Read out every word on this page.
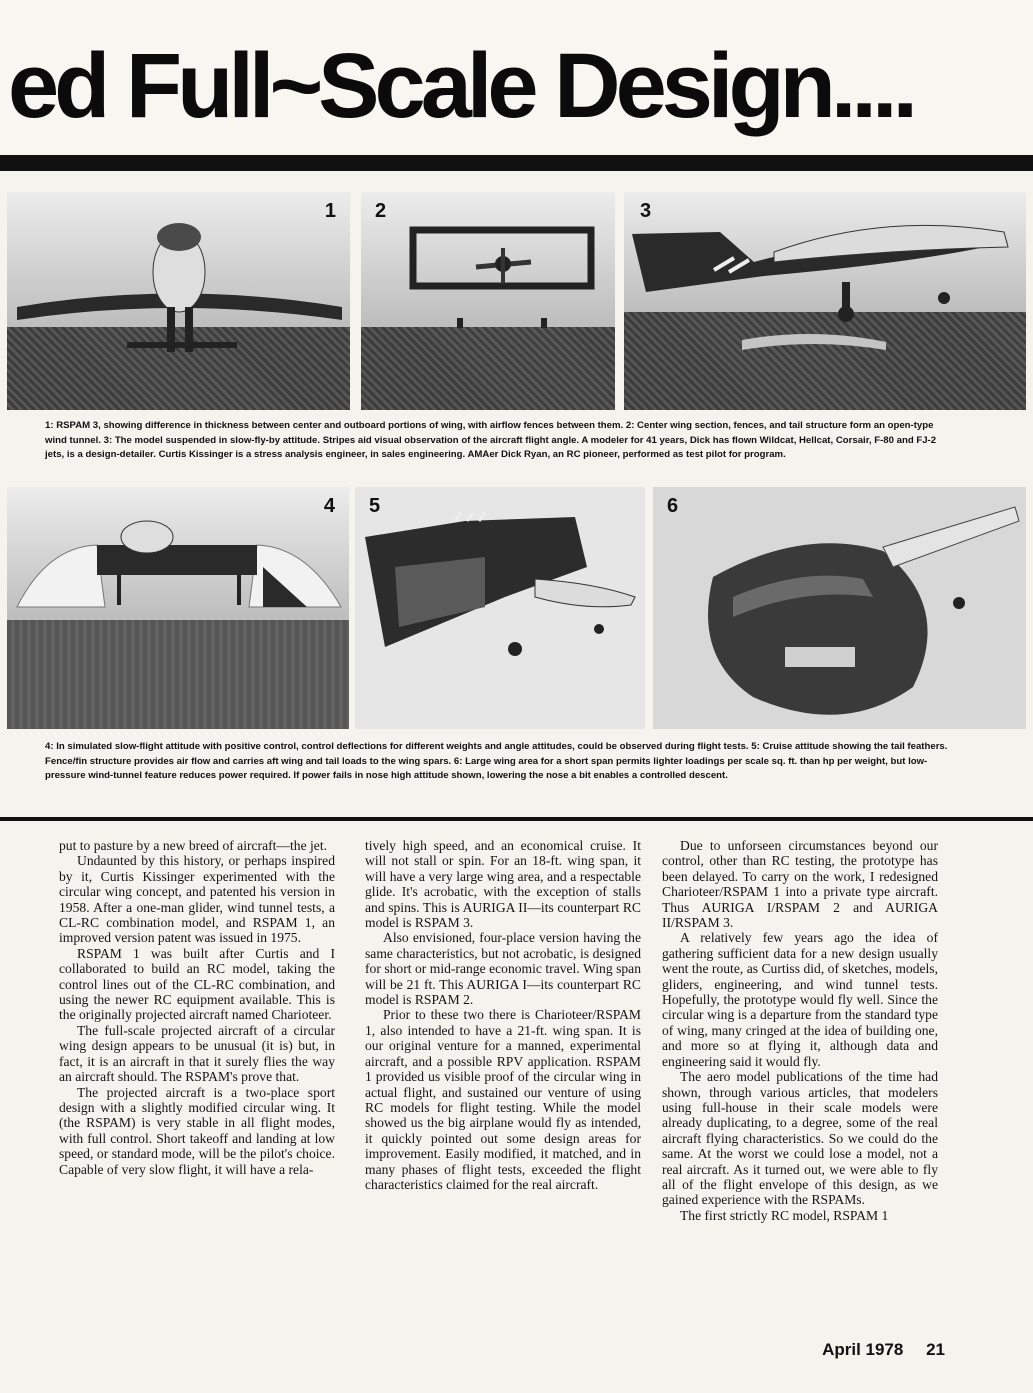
ed Full~Scale Design....
1 2	3
1: RSPAM 3, showing difference in thickness between center and outboard portions of wing, with airflow fences between them. 2: Center wing section, fences, and tail structure form an open-type wind tunnel. 3: The model suspended in slow-fly-by attitude. Stripes aid visual observation of the aircraft flight angle. A modeler for 41 years, Dick has flown Wildcat, Hellcat, Corsair, F-80 and FJ-2 jets, is a design-detailer. Curtis Kissinger is a stress analysis engineer, in sales engineering. AMAer Dick Ryan, an RC pioneer, performed as test pilot for program.
4 5	6
4: In simulated slow-flight attitude with positive control, control deflections for different weights and angle attitudes, could be observed during flight tests. 5: Cruise attitude showing the tail feathers. Fence/fin structure provides air flow and carries aft wing and tail loads to the wing spars. 6: Large wing area for a short span permits lighter loadings per scale sq. ft. than hp per weight, but low-pressure wind-tunnel feature reduces power required. If power fails in nose high attitude shown, lowering the nose a bit enables a controlled descent.

put to pasture by a new breed of aircraft—the jet.

Undaunted by this history, or perhaps inspired by it, Curtis Kissinger experimented with the circular wing concept, and patented his version in 1958. After a one-man glider, wind tunnel tests, a CL-RC combination model, and RSPAM 1, an improved version patent was issued in 1975.

RSPAM 1 was built after Curtis and I collaborated to build an RC model, taking the control lines out of the CL-RC combination, and using the newer RC equipment available. This is the originally projected aircraft named Charioteer.

The full-scale projected aircraft of a circular wing design appears to be unusual (it is) but, in fact, it is an aircraft in that it surely flies the way an aircraft should. The RSPAM's prove that.

The projected aircraft is a two-place sport design with a slightly modified circular wing. It (the RSPAM) is very stable in all flight modes, with full control. Short takeoff and landing at low speed, or standard mode, will be the pilot's choice. Capable of very slow flight, it will have a rela-

tively high speed, and an economical cruise. It will not stall or spin. For an 18-ft. wing span, it will have a very large wing area, and a respectable glide. It's acrobatic, with the exception of stalls and spins. This is AURIGA II—its counterpart RC model is RSPAM 3.

Also envisioned, four-place version having the same characteristics, but not acrobatic, is designed for short or mid-range economic travel. Wing span will be 21 ft. This AURIGA I—its counterpart RC model is RSPAM 2.

Prior to these two there is Charioteer/RSPAM 1, also intended to have a 21-ft. wing span. It is our original venture for a manned, experimental aircraft, and a possible RPV application. RSPAM 1 provided us visible proof of the circular wing in actual flight, and sustained our venture of using RC models for flight testing. While the model showed us the big airplane would fly as intended, it quickly pointed out some design areas for improvement. Easily modified, it matched, and in many phases of flight tests, exceeded the flight characteristics claimed for the real aircraft.

Due to unforseen circumstances beyond our control, other than RC testing, the prototype has been delayed. To carry on the work, I redesigned Charioteer/RSPAM 1 into a private type aircraft. Thus AURIGA I/RSPAM 2 and AURIGA II/RSPAM 3.

A relatively few years ago the idea of gathering sufficient data for a new design usually went the route, as Curtiss did, of sketches, models, gliders, engineering, and wind tunnel tests. Hopefully, the prototype would fly well. Since the circular wing is a departure from the standard type of wing, many cringed at the idea of building one, and more so at flying it, although data and engineering said it would fly.

The aero model publications of the time had shown, through various articles, that modelers using full-house in their scale models were already duplicating, to a degree, some of the real aircraft flying characteristics. So we could do the same. At the worst we could lose a model, not a real aircraft. As it turned out, we were able to fly all of the flight envelope of this design, as we gained experience with the RSPAMs.

The first strictly RC model, RSPAM 1

April 1978 21
